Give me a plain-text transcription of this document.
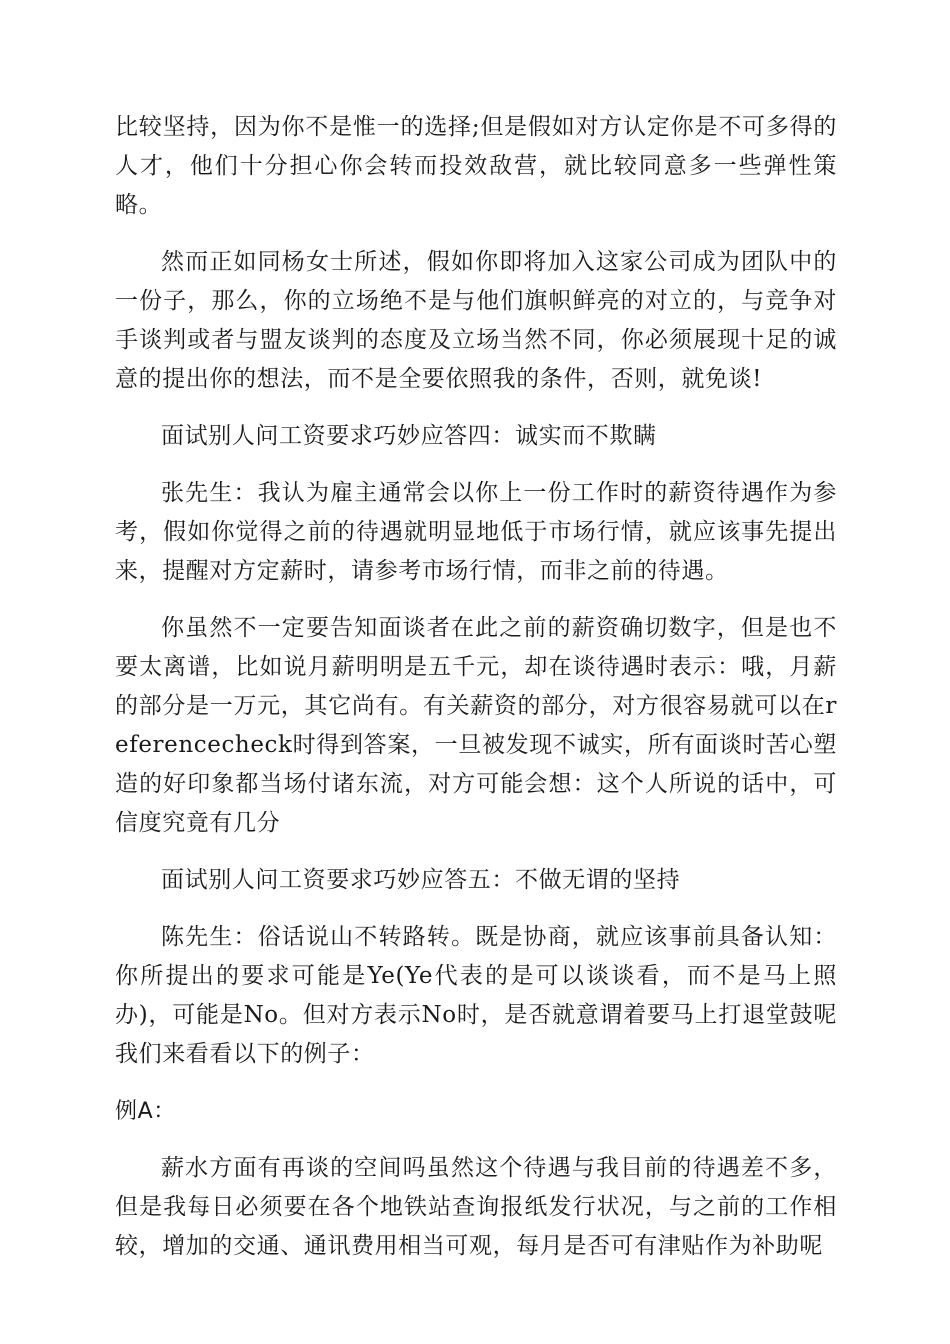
比较坚持，因为你不是惟一的选择;但是假如对方认定你是不可多得的人才，他们十分担心你会转而投效敌营，就比较同意多一些弹性策略。

然而正如同杨女士所述，假如你即将加入这家公司成为团队中的一份子，那么，你的立场绝不是与他们旗帜鲜亮的对立的，与竞争对手谈判或者与盟友谈判的态度及立场当然不同，你必须展现十足的诚意的提出你的想法，而不是全要依照我的条件，否则，就免谈!

面试别人问工资要求巧妙应答四：诚实而不欺瞒

张先生：我认为雇主通常会以你上一份工作时的薪资待遇作为参考，假如你觉得之前的待遇就明显地低于市场行情，就应该事先提出来，提醒对方定薪时，请参考市场行情，而非之前的待遇。

你虽然不一定要告知面谈者在此之前的薪资确切数字，但是也不要太离谱，比如说月薪明明是五千元，却在谈待遇时表示：哦，月薪的部分是一万元，其它尚有。有关薪资的部分，对方很容易就可以在referencecheck时得到答案，一旦被发现不诚实，所有面谈时苦心塑造的好印象都当场付诸东流，对方可能会想：这个人所说的话中，可信度究竟有几分

面试别人问工资要求巧妙应答五：不做无谓的坚持

陈先生：俗话说山不转路转。既是协商，就应该事前具备认知：你所提出的要求可能是Ye(Ye代表的是可以谈谈看，而不是马上照办)，可能是No。但对方表示No时，是否就意谓着要马上打退堂鼓呢我们来看看以下的例子：

例A：

薪水方面有再谈的空间吗虽然这个待遇与我目前的待遇差不多，但是我每日必须要在各个地铁站查询报纸发行状况，与之前的工作相较，增加的交通、通讯费用相当可观，每月是否可有津贴作为补助呢
